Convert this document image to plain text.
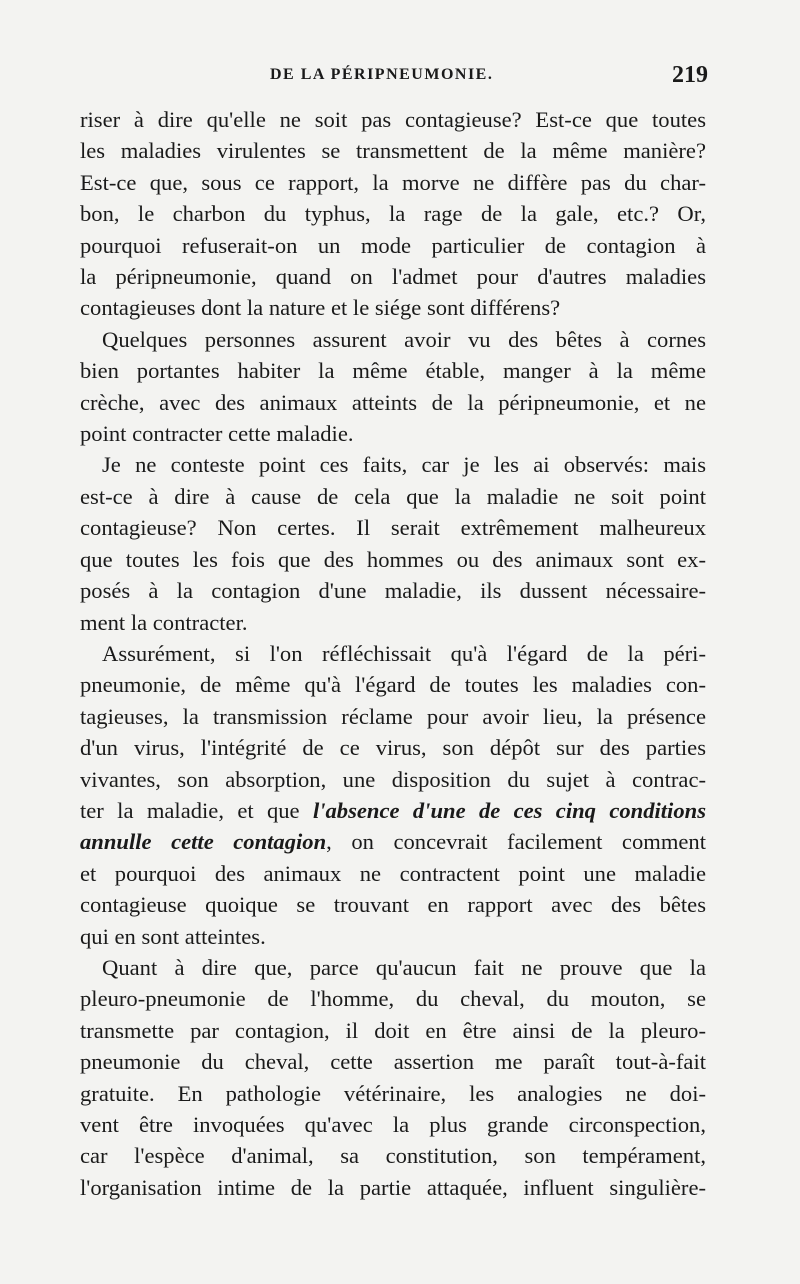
DE LA PÉRIPNEUMONIE.	219

riser à dire qu'elle ne soit pas contagieuse? Est-ce que toutes
les maladies virulentes se transmettent de la même manière?
Est-ce que, sous ce rapport, la morve ne diffère pas du char-
bon, le charbon du typhus, la rage de la gale, etc.? Or,
pourquoi refuserait-on un mode particulier de contagion à
la péripneumonie, quand on l'admet pour d'autres maladies
contagieuses dont la nature et le siége sont différens?

Quelques personnes assurent avoir vu des bêtes à cornes
bien portantes habiter la même étable, manger à la même
crèche, avec des animaux atteints de la péripneumonie, et ne
point contracter cette maladie.

Je ne conteste point ces faits, car je les ai observés: mais
est-ce à dire à cause de cela que la maladie ne soit point
contagieuse? Non certes. Il serait extrêmement malheureux
que toutes les fois que des hommes ou des animaux sont ex-
posés à la contagion d'une maladie, ils dussent nécessaire-
ment la contracter.

Assurément, si l'on réfléchissait qu'à l'égard de la péri-
pneumonie, de même qu'à l'égard de toutes les maladies con-
tagieuses, la transmission réclame pour avoir lieu, la présence
d'un virus, l'intégrité de ce virus, son dépôt sur des parties
vivantes, son absorption, une disposition du sujet à contrac-
ter la maladie, et que l'absence d'une de ces cinq conditions
annulle cette contagion, on concevrait facilement comment
et pourquoi des animaux ne contractent point une maladie
contagieuse quoique se trouvant en rapport avec des bêtes
qui en sont atteintes.

Quant à dire que, parce qu'aucun fait ne prouve que la
pleuro-pneumonie de l'homme, du cheval, du mouton, se
transmette par contagion, il doit en être ainsi de la pleuro-
pneumonie du cheval, cette assertion me paraît tout-à-fait
gratuite. En pathologie vétérinaire, les analogies ne doi-
vent être invoquées qu'avec la plus grande circonspection,
car l'espèce d'animal, sa constitution, son tempérament,
l'organisation intime de la partie attaquée, influent singulière-
